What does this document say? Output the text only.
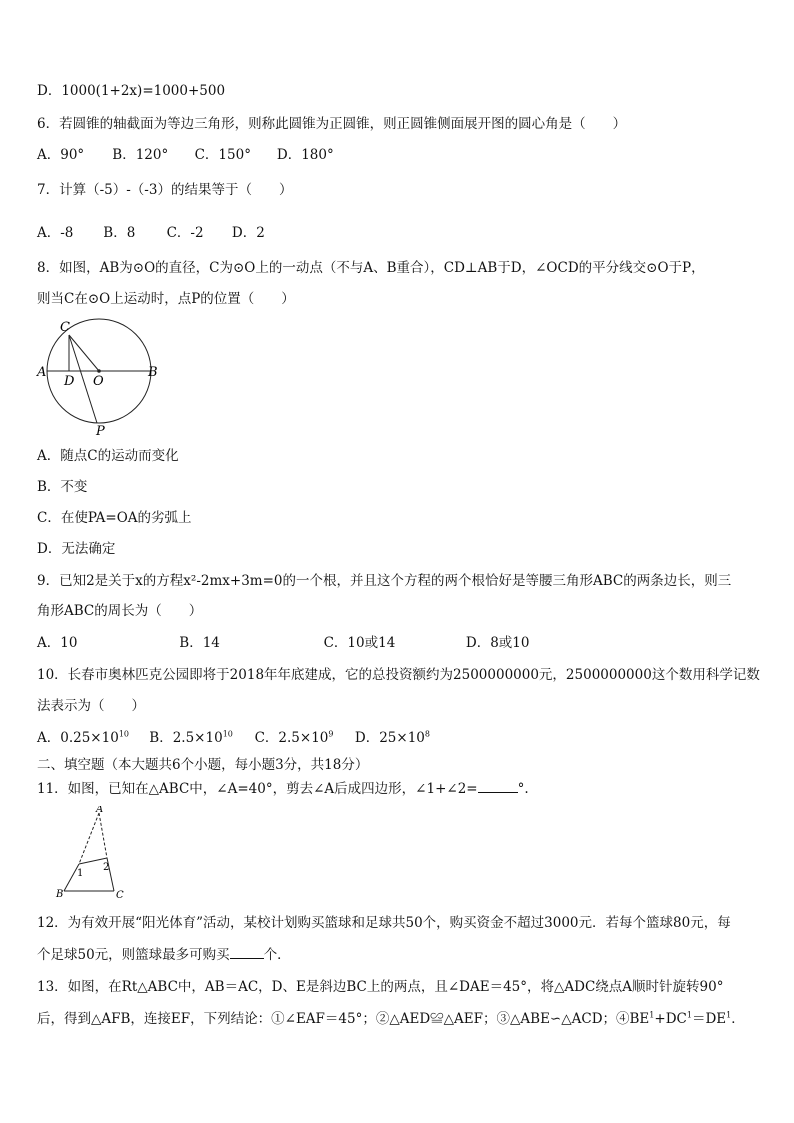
D．1000(1+2x)=1000+500
6．若圆锥的轴截面为等边三角形，则称此圆锥为正圆锥，则正圆锥侧面展开图的圆心角是（　　）
A．90° B．120° C．150° D．180°
7．计算（-5）-（-3）的结果等于（　　）
A．-8 B．8 C．-2 D．2
8．如图，AB为⊙O的直径，C为⊙O上的一动点（不与A、B重合），CD⊥AB于D，∠OCD的平分线交⊙O于P，
则当C在⊙O上运动时，点P的位置（　　）
C
A	B
D O
P
A．随点C的运动而变化
B．不变
C．在使PA=OA的劣弧上
D．无法确定
9．已知2是关于x的方程x²-2mx+3m=0的一个根，并且这个方程的两个根恰好是等腰三角形ABC的两条边长，则三
角形ABC的周长为（　　）
A．10	B．14	C．10或14	D．8或10
10．长春市奥林匹克公园即将于2018年年底建成，它的总投资额约为2500000000元，2500000000这个数用科学记数
法表示为（　　）
A．$0.25\times 10^{10}$ B．$2.5\times 10^{10}$ C．$2.5\times 10^9$ D．$25\times 10^8$
二、填空题（本大题共6个小题，每小题3分，共18分）
11．如图，已知在△ABC中，∠A=40°，剪去∠A后成四边形，∠1+∠2=	°.
A
B	C
1
2
12．为有效开展“阳光体育”活动，某校计划购买篮球和足球共50个，购买资金不超过3000元．若每个篮球80元，每
个足球50元，则篮球最多可购买	个．
13．如图，在Rt△ABC中，AB＝AC，D、E是斜边BC上的两点，且∠DAE＝45°，将△ADC绕点A顺时针旋转90°
后，得到△AFB，连接EF，下列结论：①∠EAF＝45°；②△AED≌△AEF；③△ABE∽△ACD；$④BE^1+DC^1=DE^1$．
